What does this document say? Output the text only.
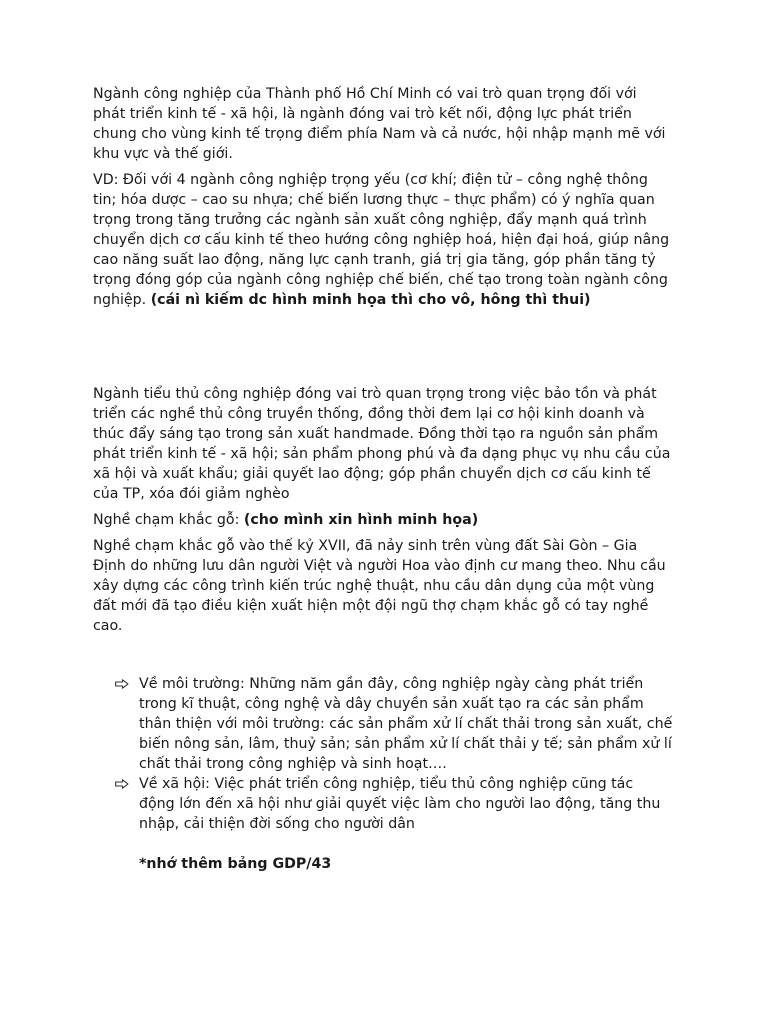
Ngành công nghiệp của Thành phố Hồ Chí Minh có vai trò quan trọng đối với phát triển kinh tế - xã hội, là ngành đóng vai trò kết nối, động lực phát triển chung cho vùng kinh tế trọng điểm phía Nam và cả nước, hội nhập mạnh mẽ với khu vực và thế giới.

VD: Đối với 4 ngành công nghiệp trọng yếu (cơ khí; điện tử – công nghệ thông tin; hóa dược – cao su nhựa; chế biến lương thực – thực phẩm) có ý nghĩa quan trọng trong tăng trưởng các ngành sản xuất công nghiệp, đẩy mạnh quá trình chuyển dịch cơ cấu kinh tế theo hướng công nghiệp hoá, hiện đại hoá, giúp nâng cao năng suất lao động, năng lực cạnh tranh, giá trị gia tăng, góp phần tăng tỷ trọng đóng góp của ngành công nghiệp chế biến, chế tạo trong toàn ngành công nghiệp. (cái nì kiếm dc hình minh họa thì cho vô, hông thì thui)

Ngành tiểu thủ công nghiệp đóng vai trò quan trọng trong việc bảo tồn và phát triển các nghề thủ công truyền thống, đồng thời đem lại cơ hội kinh doanh và thúc đẩy sáng tạo trong sản xuất handmade. Đồng thời tạo ra nguồn sản phẩm phát triển kinh tế - xã hội; sản phẩm phong phú và đa dạng phục vụ nhu cầu của xã hội và xuất khẩu; giải quyết lao động; góp phần chuyển dịch cơ cấu kinh tế của TP, xóa đói giảm nghèo

Nghề chạm khắc gỗ: (cho mình xin hình minh họa)

Nghề chạm khắc gỗ vào thế kỷ XVII, đã nảy sinh trên vùng đất Sài Gòn – Gia Định do những lưu dân người Việt và người Hoa vào định cư mang theo. Nhu cầu xây dựng các công trình kiến trúc nghệ thuật, nhu cầu dân dụng của một vùng đất mới đã tạo điều kiện xuất hiện một đội ngũ thợ chạm khắc gỗ có tay nghề cao.

Về môi trường: Những năm gần đây, công nghiệp ngày càng phát triển trong kĩ thuật, công nghệ và dây chuyền sản xuất tạo ra các sản phẩm thân thiện với môi trường: các sản phẩm xử lí chất thải trong sản xuất, chế biến nông sản, lâm, thuỷ sản; sản phẩm xử lí chất thải y tế; sản phẩm xử lí chất thải trong công nghiệp và sinh hoạt….
Về xã hội: Việc phát triển công nghiệp, tiểu thủ công nghiệp cũng tác động lớn đến xã hội như giải quyết việc làm cho người lao động, tăng thu nhập, cải thiện đời sống cho người dân

*nhớ thêm bảng GDP/43
